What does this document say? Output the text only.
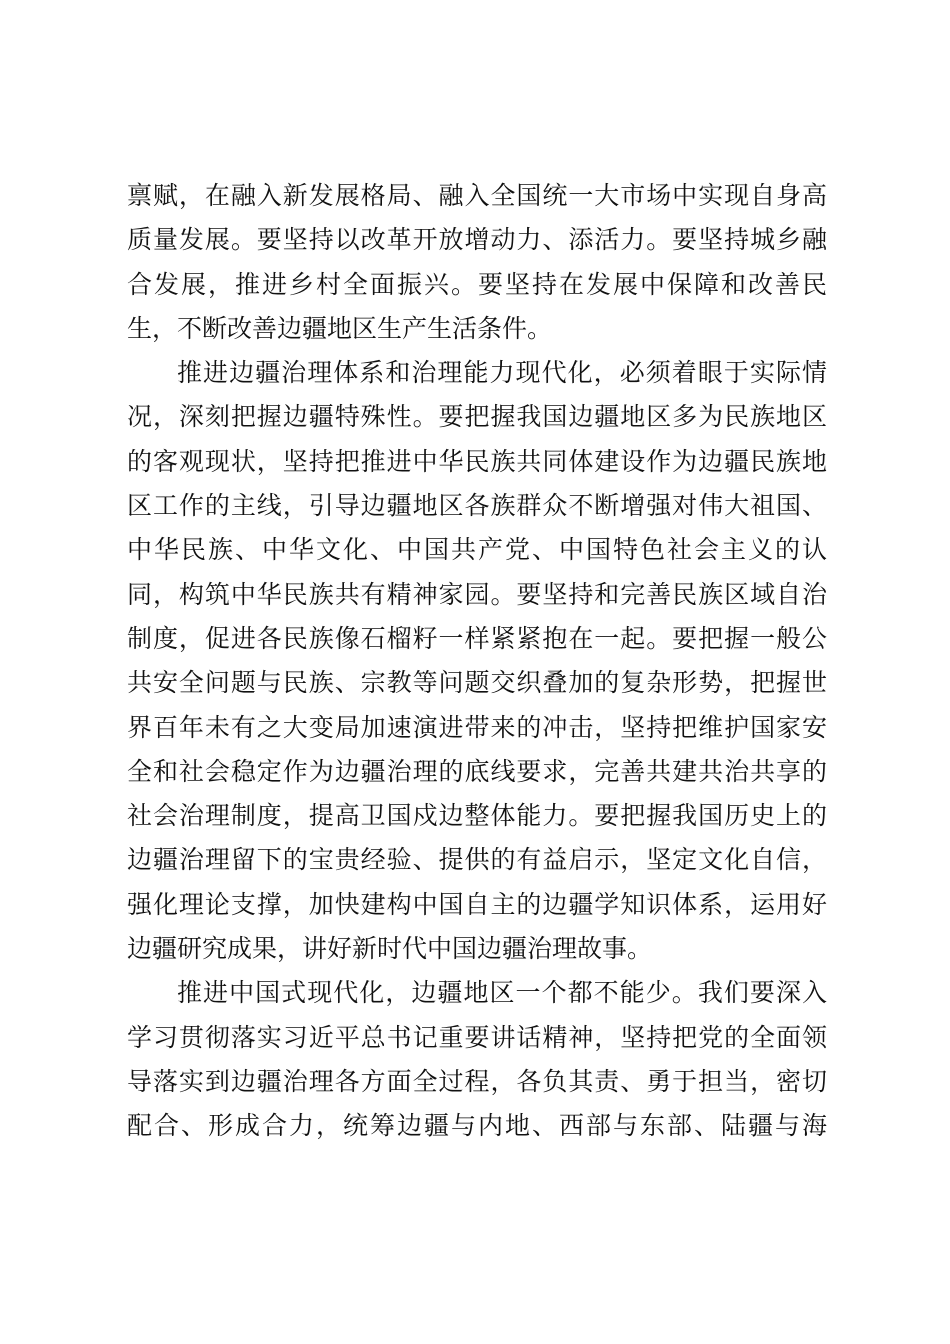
禀赋，在融入新发展格局、融入全国统一大市场中实现自身高
质量发展。要坚持以改革开放增动力、添活力。要坚持城乡融
合发展，推进乡村全面振兴。要坚持在发展中保障和改善民
生，不断改善边疆地区生产生活条件。
推进边疆治理体系和治理能力现代化，必须着眼于实际情
况，深刻把握边疆特殊性。要把握我国边疆地区多为民族地区
的客观现状，坚持把推进中华民族共同体建设作为边疆民族地
区工作的主线，引导边疆地区各族群众不断增强对伟大祖国、
中华民族、中华文化、中国共产党、中国特色社会主义的认
同，构筑中华民族共有精神家园。要坚持和完善民族区域自治
制度，促进各民族像石榴籽一样紧紧抱在一起。要把握一般公
共安全问题与民族、宗教等问题交织叠加的复杂形势，把握世
界百年未有之大变局加速演进带来的冲击，坚持把维护国家安
全和社会稳定作为边疆治理的底线要求，完善共建共治共享的
社会治理制度，提高卫国戍边整体能力。要把握我国历史上的
边疆治理留下的宝贵经验、提供的有益启示，坚定文化自信，
强化理论支撑，加快建构中国自主的边疆学知识体系，运用好
边疆研究成果，讲好新时代中国边疆治理故事。
推进中国式现代化，边疆地区一个都不能少。我们要深入
学习贯彻落实习近平总书记重要讲话精神，坚持把党的全面领
导落实到边疆治理各方面全过程，各负其责、勇于担当，密切
配合、形成合力，统筹边疆与内地、西部与东部、陆疆与海
